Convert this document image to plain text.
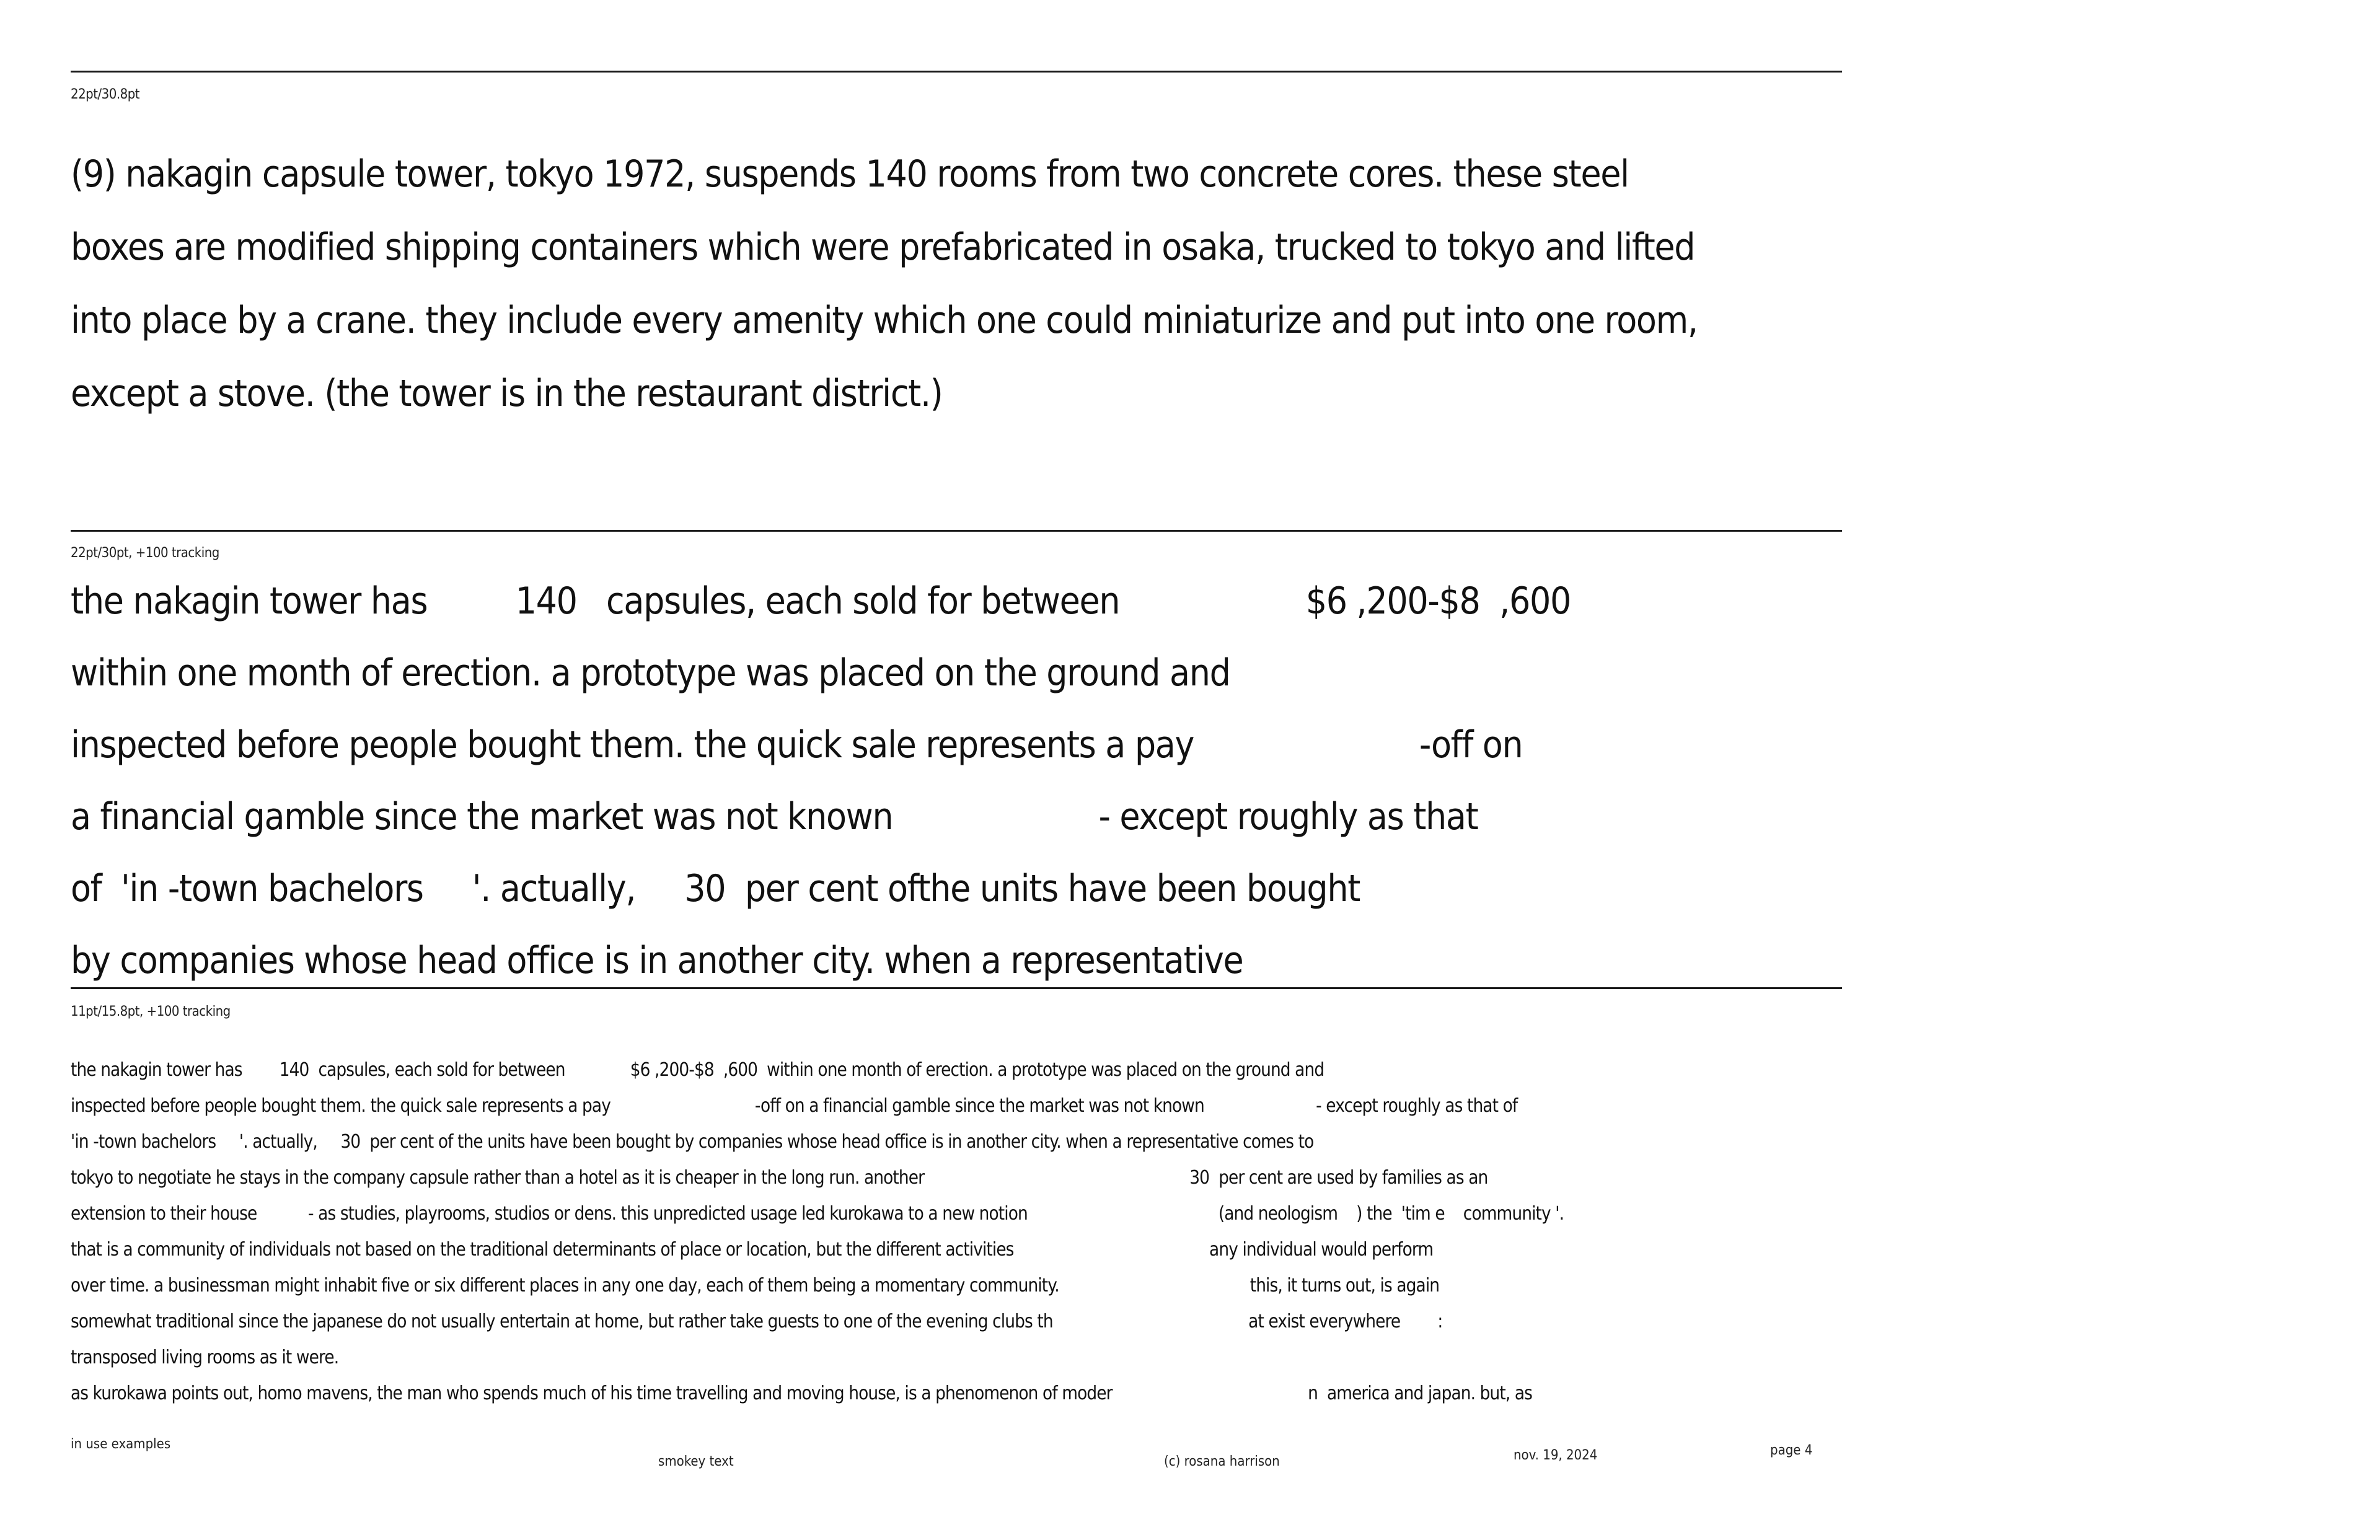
22pt/30.8pt
(9) nakagin capsule tower, tokyo 1972, suspends 140 rooms from two concrete cores. these steel
boxes are modified shipping containers which were prefabricated in osaka, trucked to tokyo and lifted
into place by a crane. they include every amenity which one could miniaturize and put into one room,
except a stove. (the tower is in the restaurant district.)
22pt/30pt, +100 tracking
the nakagin tower has         140   capsules, each sold for between                   $6 ,200-$8  ,600
within one month of erection. a prototype was placed on the ground and
inspected before people bought them. the quick sale represents a pay                       -off on
a financial gamble since the market was not known                     - except roughly as that
of  'in -town bachelors     '. actually,     30  per cent ofthe units have been bought
by companies whose head office is in another city. when a representative
11pt/15.8pt, +100 tracking
the nakagin tower has        140  capsules, each sold for between              $6 ,200-$8  ,600  within one month of erection. a prototype was placed on the ground and
inspected before people bought them. the quick sale represents a pay                               -off on a financial gamble since the market was not known                        - except roughly as that of
'in -town bachelors     '. actually,     30  per cent of the units have been bought by companies whose head office is in another city. when a representative comes to
tokyo to negotiate he stays in the company capsule rather than a hotel as it is cheaper in the long run. another                                                         30  per cent are used by families as an
extension to their house           - as studies, playrooms, studios or dens. this unpredicted usage led kurokawa to a new notion                                         (and neologism    ) the  'tim e    community '.
that is a community of individuals not based on the traditional determinants of place or location, but the different activities                                          any individual would perform
over time. a businessman might inhabit five or six different places in any one day, each of them being a momentary community.                                         this, it turns out, is again
somewhat traditional since the japanese do not usually entertain at home, but rather take guests to one of the evening clubs th                                          at exist everywhere        :
transposed living rooms as it were.
as kurokawa points out, homo mavens, the man who spends much of his time travelling and moving house, is a phenomenon of moder                                          n  america and japan. but, as
in use examples
smokey text	(c) rosana harrison	nov. 19, 2024	page 4
